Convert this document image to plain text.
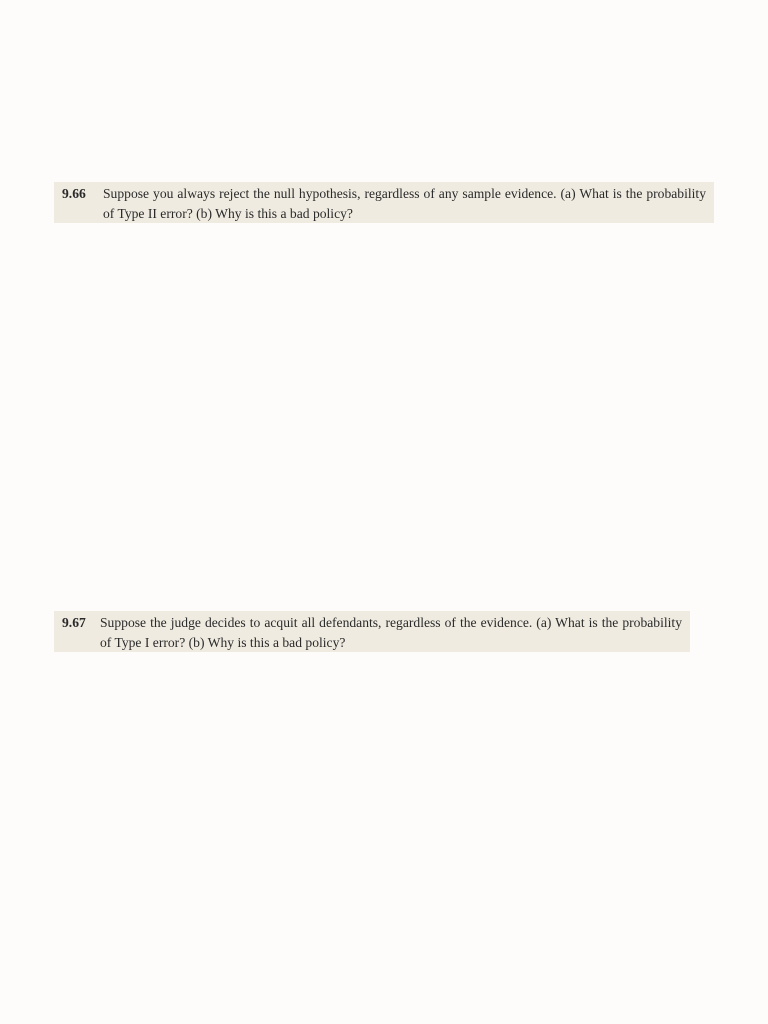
9.66	Suppose you always reject the null hypothesis, regardless of any sample evidence. (a) What is the probability of Type II error? (b) Why is this a bad policy?
9.67	Suppose the judge decides to acquit all defendants, regardless of the evidence. (a) What is the probability of Type I error? (b) Why is this a bad policy?
